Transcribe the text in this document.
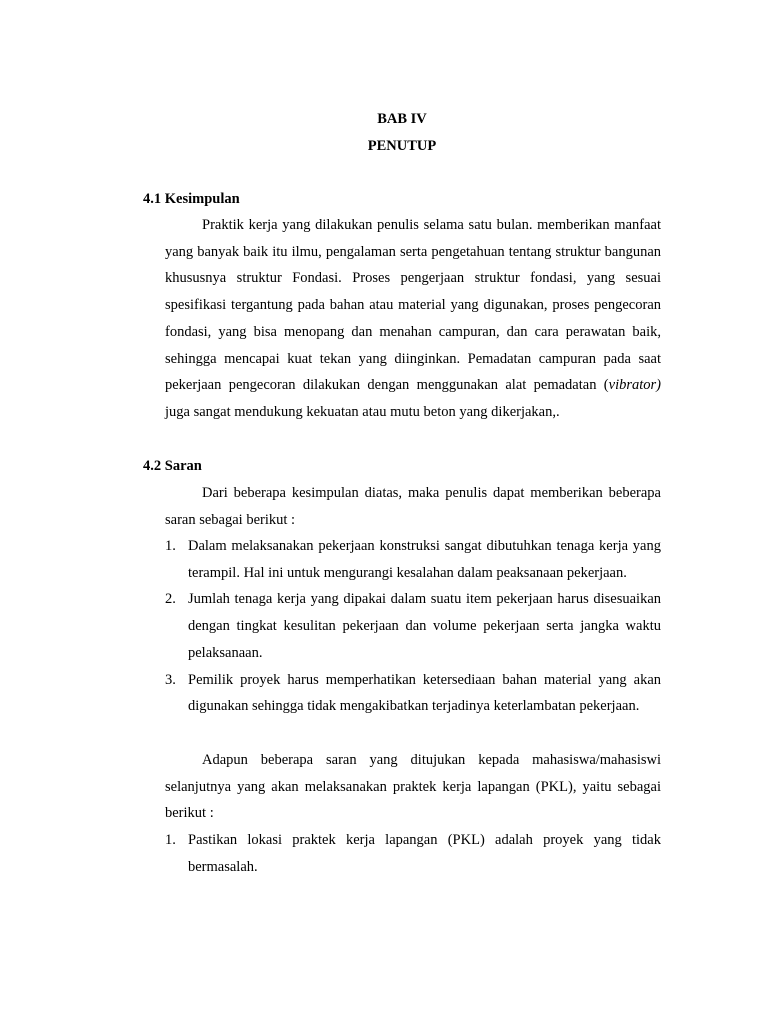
BAB IV
PENUTUP
4.1 Kesimpulan
Praktik kerja yang dilakukan penulis selama satu bulan. memberikan manfaat yang banyak baik itu ilmu, pengalaman serta pengetahuan tentang struktur bangunan khususnya struktur Fondasi. Proses pengerjaan struktur fondasi, yang sesuai spesifikasi tergantung pada bahan atau material yang digunakan, proses pengecoran fondasi, yang bisa menopang dan menahan campuran, dan cara perawatan baik, sehingga mencapai kuat tekan yang diinginkan. Pemadatan campuran pada saat pekerjaan pengecoran dilakukan dengan menggunakan alat pemadatan (vibrator) juga sangat mendukung kekuatan atau mutu beton yang dikerjakan,.
4.2 Saran
Dari beberapa kesimpulan diatas, maka penulis dapat memberikan beberapa saran sebagai berikut :
1. Dalam melaksanakan pekerjaan konstruksi sangat dibutuhkan tenaga kerja yang terampil. Hal ini untuk mengurangi kesalahan dalam peaksanaan pekerjaan.
2. Jumlah tenaga kerja yang dipakai dalam suatu item pekerjaan harus disesuaikan dengan tingkat kesulitan pekerjaan dan volume pekerjaan serta jangka waktu pelaksanaan.
3. Pemilik proyek harus memperhatikan ketersediaan bahan material yang akan digunakan sehingga tidak mengakibatkan terjadinya keterlambatan pekerjaan.
Adapun beberapa saran yang ditujukan kepada mahasiswa/mahasiswi selanjutnya yang akan melaksanakan praktek kerja lapangan (PKL), yaitu sebagai berikut :
1. Pastikan lokasi praktek kerja lapangan (PKL) adalah proyek yang tidak bermasalah.
